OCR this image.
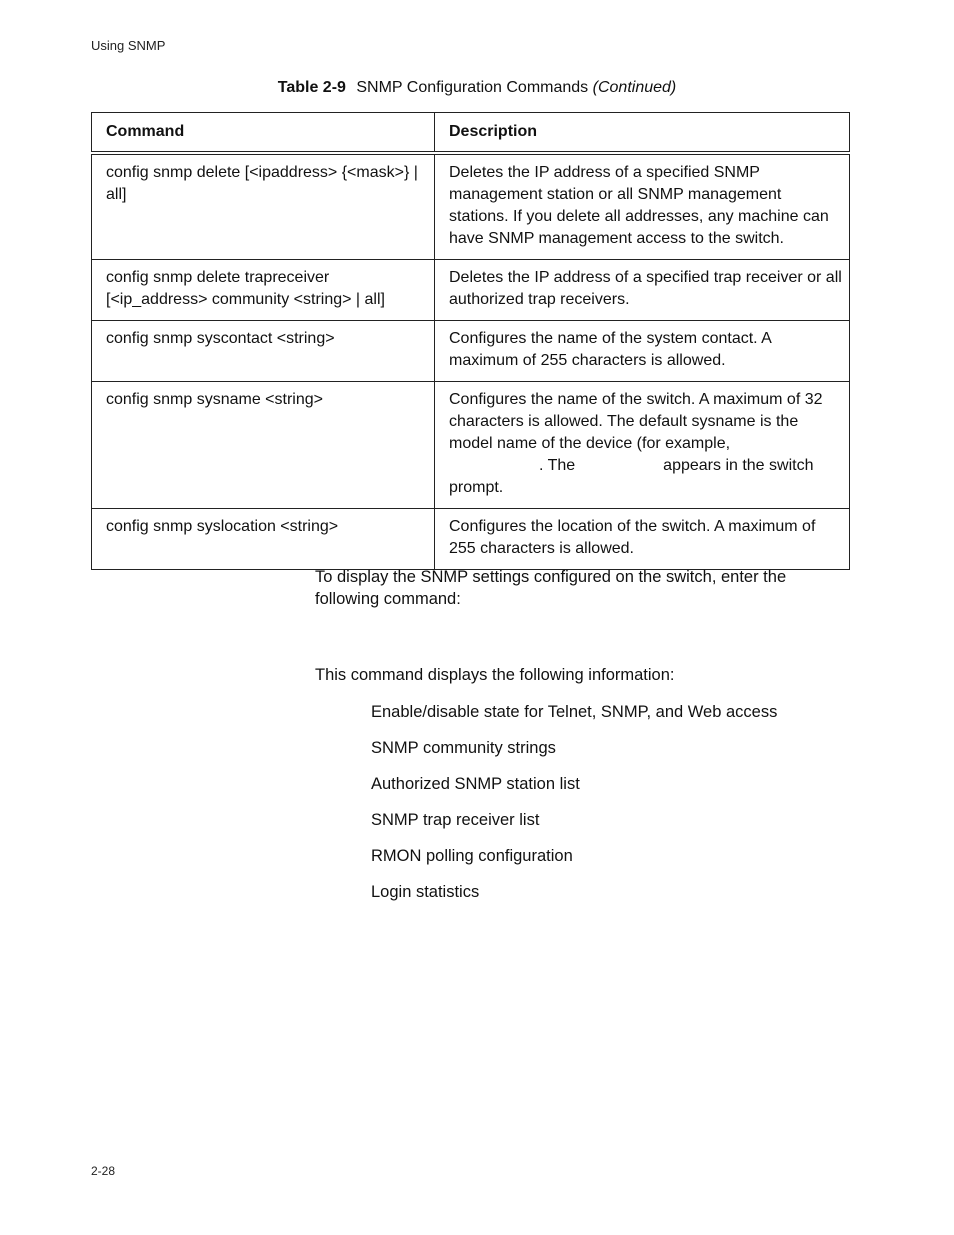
Using SNMP
Table 2-9 SNMP Configuration Commands (Continued)
Command	Description
config snmp delete [<ipaddress> {<mask>} | all]	Deletes the IP address of a specified SNMP management station or all SNMP management stations. If you delete all addresses, any machine can have SNMP management access to the switch.
config snmp delete trapreceiver [<ip_address> community <string> | all]	Deletes the IP address of a specified trap receiver or all authorized trap receivers.
config snmp syscontact <string>	Configures the name of the system contact. A maximum of 255 characters is allowed.
config snmp sysname <string>	Configures the name of the switch. A maximum of 32 characters is allowed. The default sysname is the model name of the device (for example,
. The appears in the switch prompt.
config snmp syslocation <string>	Configures the location of the switch. A maximum of 255 characters is allowed.
To display the SNMP settings configured on the switch, enter the following command:
This command displays the following information:
Enable/disable state for Telnet, SNMP, and Web access
SNMP community strings
Authorized SNMP station list
SNMP trap receiver list
RMON polling configuration
Login statistics
2-28
